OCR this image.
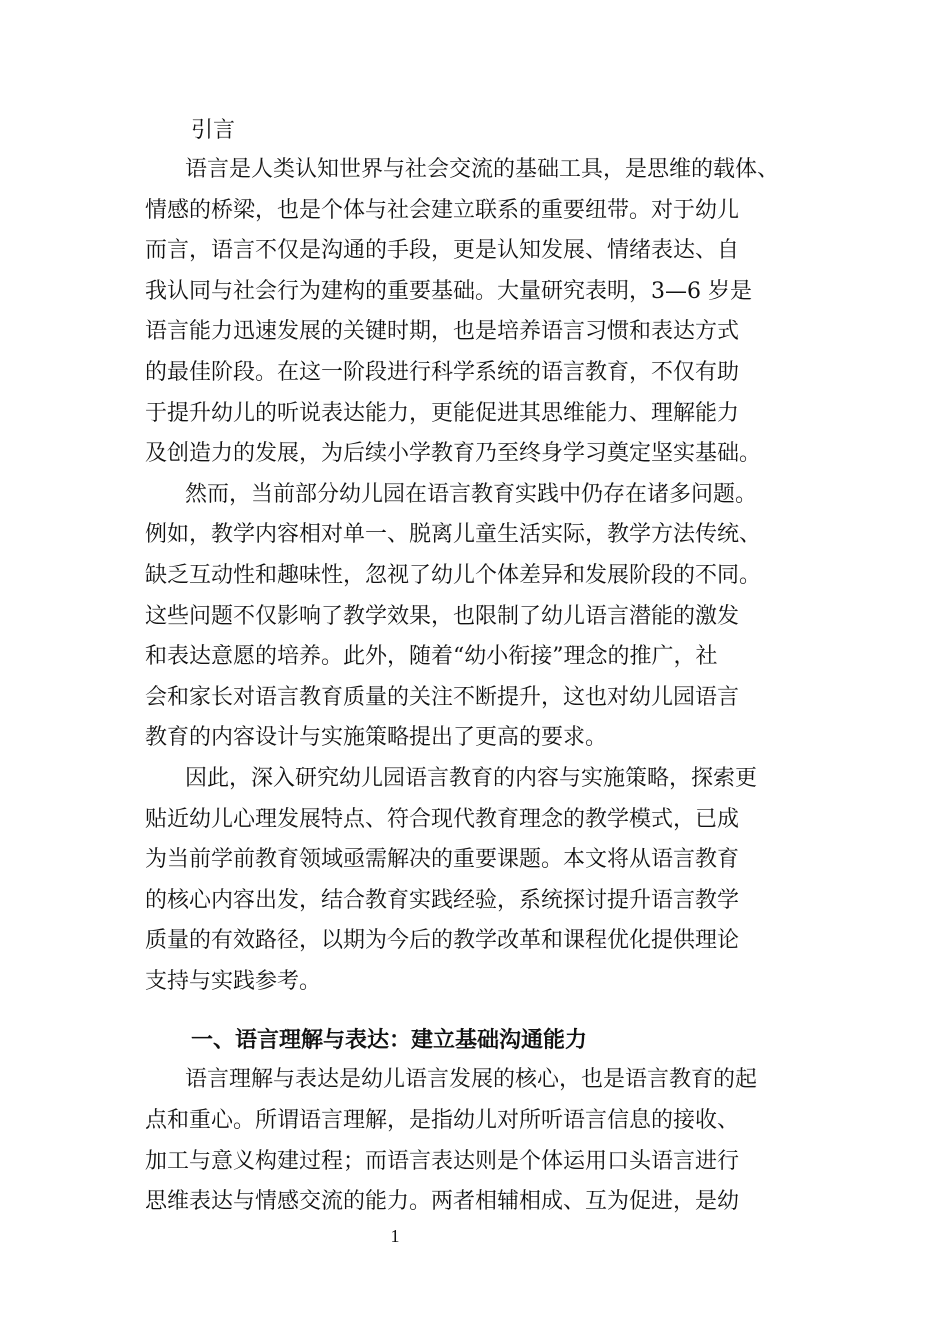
引言

语言是人类认知世界与社会交流的基础工具，是思维的载体、

情感的桥梁，也是个体与社会建立联系的重要纽带。对于幼儿

而言，语言不仅是沟通的手段，更是认知发展、情绪表达、自

我认同与社会行为建构的重要基础。大量研究表明，3—6 岁是

语言能力迅速发展的关键时期，也是培养语言习惯和表达方式

的最佳阶段。在这一阶段进行科学系统的语言教育，不仅有助

于提升幼儿的听说表达能力，更能促进其思维能力、理解能力

及创造力的发展，为后续小学教育乃至终身学习奠定坚实基础。

然而，当前部分幼儿园在语言教育实践中仍存在诸多问题。

例如，教学内容相对单一、脱离儿童生活实际，教学方法传统、

缺乏互动性和趣味性，忽视了幼儿个体差异和发展阶段的不同。

这些问题不仅影响了教学效果，也限制了幼儿语言潜能的激发

和表达意愿的培养。此外，随着“幼小衔接”理念的推广，社

会和家长对语言教育质量的关注不断提升，这也对幼儿园语言

教育的内容设计与实施策略提出了更高的要求。

因此，深入研究幼儿园语言教育的内容与实施策略，探索更

贴近幼儿心理发展特点、符合现代教育理念的教学模式，已成

为当前学前教育领域亟需解决的重要课题。本文将从语言教育

的核心内容出发，结合教育实践经验，系统探讨提升语言教学

质量的有效路径，以期为今后的教学改革和课程优化提供理论

支持与实践参考。

一、语言理解与表达：建立基础沟通能力

语言理解与表达是幼儿语言发展的核心，也是语言教育的起

点和重心。所谓语言理解，是指幼儿对所听语言信息的接收、

加工与意义构建过程；而语言表达则是个体运用口头语言进行

思维表达与情感交流的能力。两者相辅相成、互为促进，是幼

1
